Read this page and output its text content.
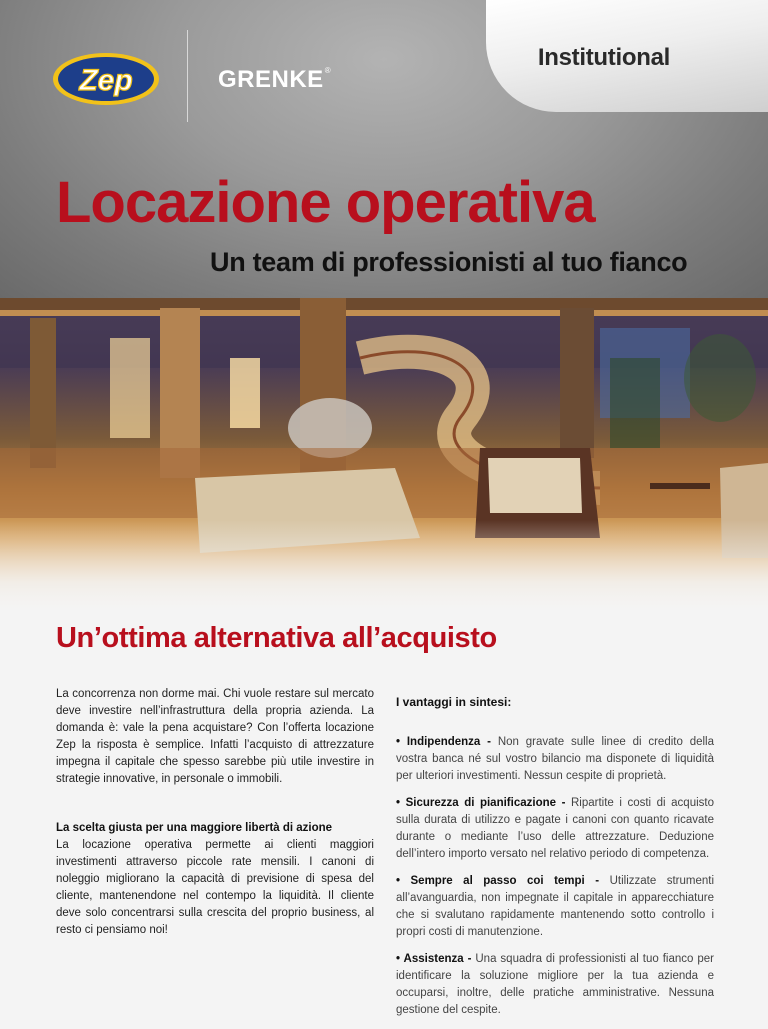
Zep	GRENKE®	Institutional
Locazione operativa
Un team di professionisti al tuo fianco
Un’ottima alternativa all’acquisto

La concorrenza non dorme mai. Chi vuole restare sul mercato deve investire nell’infrastruttura della propria azienda. La domanda è: vale la pena acquistare? Con l’offerta locazione Zep la risposta è semplice. Infatti l’acquisto di attrezzature impegna il capitale che spesso sarebbe più utile investire in strategie innovative, in personale o immobili.

La scelta giusta per una maggiore libertà di azione

La locazione operativa permette ai clienti maggiori investimenti attraverso piccole rate mensili. I canoni di noleggio migliorano la capacità di previsione di spesa del cliente, mantenendone nel contempo la liquidità. Il cliente deve solo concentrarsi sulla crescita del proprio business, al resto ci pensiamo noi!

I vantaggi in sintesi:

• Indipendenza - Non gravate sulle linee di credito della vostra banca né sul vostro bilancio ma disponete di liquidità per ulteriori investimenti. Nessun cespite di proprietà.

• Sicurezza di pianificazione - Ripartite i costi di acquisto sulla durata di utilizzo e pagate i canoni con quanto ricavate durante o mediante l’uso delle attrezzature. Deduzione dell’intero importo versato nel relativo periodo di competenza.

• Sempre al passo coi tempi - Utilizzate strumenti all’avanguardia, non impegnate il capitale in apparecchiature che si svalutano rapidamente mantenendo sotto controllo i propri costi di manutenzione.

• Assistenza - Una squadra di professionisti al tuo fianco per identificare la soluzione migliore per la tua azienda e occuparsi, inoltre, delle pratiche amministrative. Nessuna gestione del cespite.
